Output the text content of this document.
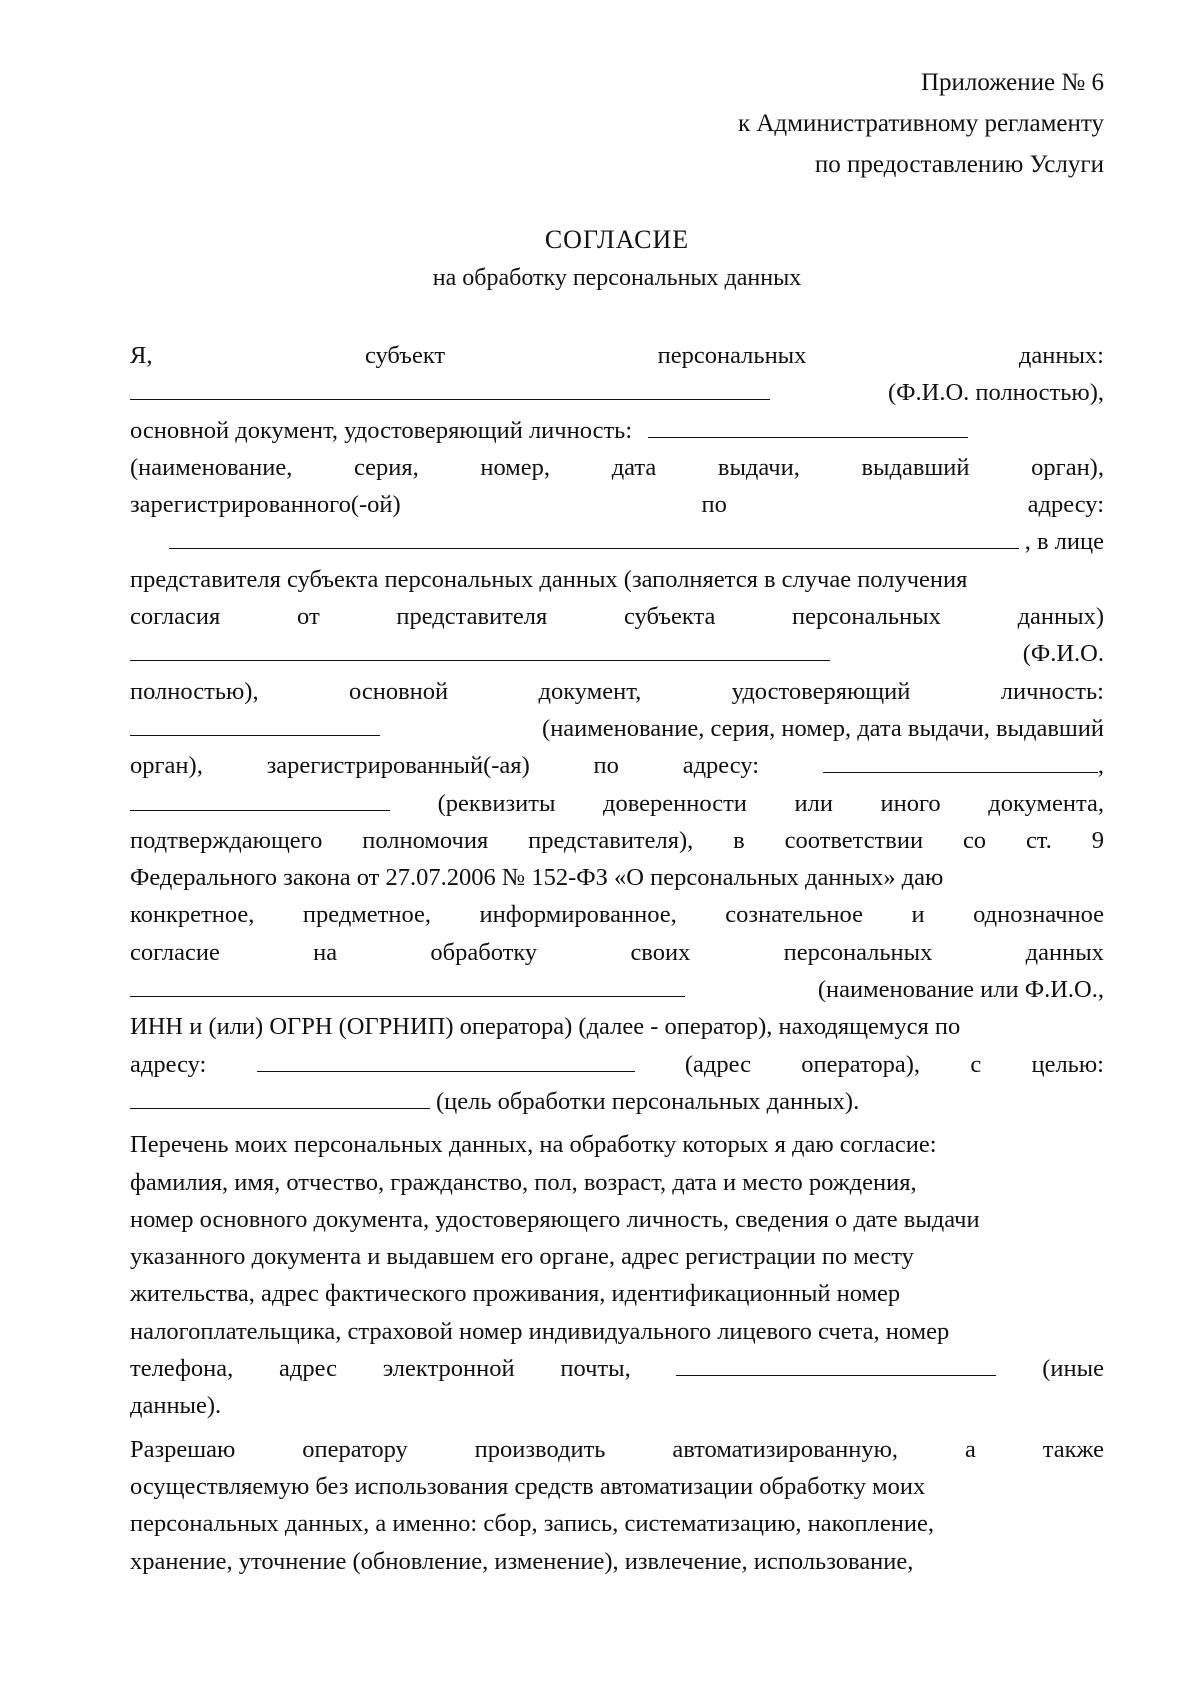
Приложение № 6
к Административному регламенту
по предоставлению Услуги
СОГЛАСИЕ
на обработку персональных данных
Я,	субъект	персональных	данных:
(Ф.И.О. полностью),
основной документ, удостоверяющий личность:
(наименование,	серия,	номер,	дата	выдачи,	выдавший	орган),
зарегистрированного(-ой)	по	адресу:
, в лице
представителя субъекта персональных данных (заполняется в случае получения
согласия	от	представителя	субъекта	персональных	данных)
(Ф.И.О.
полностью),	основной	документ,	удостоверяющий	личность:
(наименование, серия, номер, дата выдачи, выдавший
орган),	зарегистрированный(-ая)	по	адресу:	,
(реквизиты доверенности или иного документа,
подтверждающего полномочия представителя), в соответствии со ст. 9
Федерального закона от 27.07.2006 № 152-ФЗ «О персональных данных» даю
конкретное, предметное, информированное, сознательное и однозначное
согласие	на	обработку	своих	персональных	данных
(наименование или Ф.И.О.,
ИНН и (или) ОГРН (ОГРНИП) оператора) (далее - оператор), находящемуся по
адресу:	(адрес оператора), с целью:
(цель обработки персональных данных).
Перечень моих персональных данных, на обработку которых я даю согласие:
фамилия, имя, отчество, гражданство, пол, возраст, дата и место рождения,
номер основного документа, удостоверяющего личность, сведения о дате выдачи
указанного документа и выдавшем его органе, адрес регистрации по месту
жительства, адрес фактического проживания, идентификационный номер
налогоплательщика, страховой номер индивидуального лицевого счета, номер
телефона, адрес электронной почты,	(иные
данные).
Разрешаю	оператору	производить	автоматизированную,	а	также
осуществляемую без использования средств автоматизации обработку моих
персональных данных, а именно: сбор, запись, систематизацию, накопление,
хранение, уточнение (обновление, изменение), извлечение, использование,
